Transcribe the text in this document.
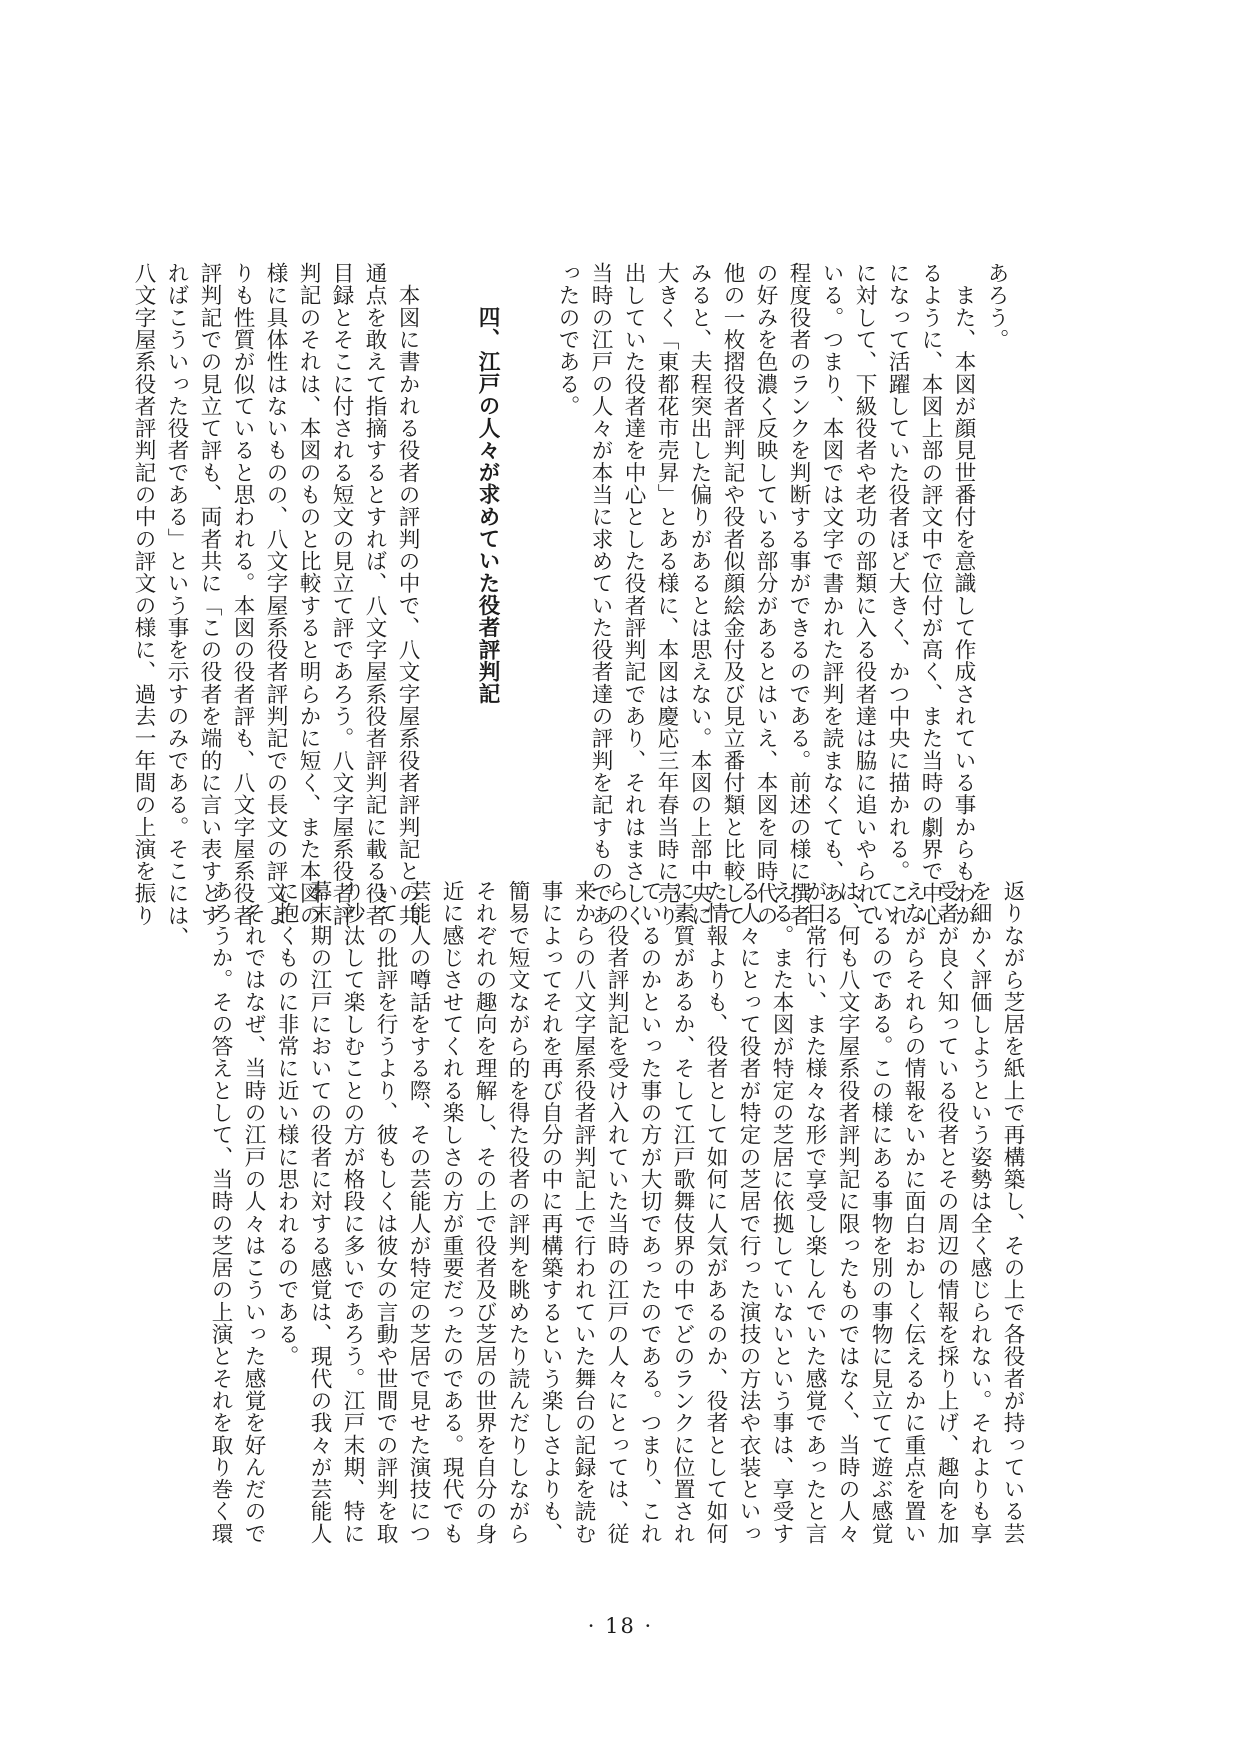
あろう。
　また、本図が顔見世番付を意識して作成されている事からもわか
るように、本図上部の評文中で位付が高く、また当時の劇界で中心
になって活躍していた役者ほど大きく、かつ中央に描かれる。これ
に対して、下級役者や老功の部類に入る役者達は脇に追いやられて
いる。つまり、本図では文字で書かれた評判を読まなくても、ある
程度役者のランクを判断する事ができるのである。前述の様に撰者
の好みを色濃く反映している部分があるとはいえ、本図を同時代の
他の一枚摺役者評判記や役者似顔絵金付及び見立番付類と比較して
みると、夫程突出した偏りがあるとは思えない。本図の上部中央に
大きく「東都花市売昇」とある様に、本図は慶応三年春当時に売り
出していた役者達を中心とした役者評判記であり、それはまさしく
当時の江戸の人々が本当に求めていた役者達の評判を記すものであ
ったのである。
四、江戸の人々が求めていた役者評判記
　本図に書かれる役者の評判の中で、八文字屋系役者評判記との共
通点を敢えて指摘するとすれば、八文字屋系役者評判記に載る役者
目録とそこに付される短文の見立て評であろう。八文字屋系役者評
判記のそれは、本図のものと比較すると明らかに短く、また本図の
様に具体性はないものの、八文字屋系役者評判記での長文の評文よ
りも性質が似ていると思われる。本図の役者評も、八文字屋系役者
評判記での見立て評も、両者共に「この役者を端的に言い表すとす
ればこういった役者である」という事を示すのみである。そこには、
八文字屋系役者評判記の中の評文の様に、過去一年間の上演を振り
返りながら芝居を紙上で再構築し、その上で各役者が持っている芸
を細かく評価しようという姿勢は全く感じられない。それよりも享
受者が良く知っている役者とその周辺の情報を採り上げ、趣向を加
えながらそれらの情報をいかに面白おかしく伝えるかに重点を置い
ているのである。この様にある事物を別の事物に見立てて遊ぶ感覚
は、何も八文字屋系役者評判記に限ったものではなく、当時の人々
が日常行い、また様々な形で享受し楽しんでいた感覚であったと言
える。また本図が特定の芝居に依拠していないという事は、享受す
る人々にとって役者が特定の芝居で行った演技の方法や衣装といっ
た情報よりも、役者として如何に人気があるのか、役者として如何
に素質があるか、そして江戸歌舞伎界の中でどのランクに位置され
ているのかといった事の方が大切であったのである。つまり、これ
らの役者評判記を受け入れていた当時の江戸の人々にとっては、従
来からの八文字屋系役者評判記上で行われていた舞台の記録を読む
事によってそれを再び自分の中に再構築するという楽しさよりも、
簡易で短文ながら的を得た役者の評判を眺めたり読んだりしながら
それぞれの趣向を理解し、その上で役者及び芝居の世界を自分の身
近に感じさせてくれる楽しさの方が重要だったのである。現代でも
芸能人の噂話をする際、その芸能人が特定の芝居で見せた演技につ
いての批評を行うより、彼もしくは彼女の言動や世間での評判を取
り沙汰して楽しむことの方が格段に多いであろう。江戸末期、特に
幕末期の江戸においての役者に対する感覚は、現代の我々が芸能人
に抱くものに非常に近い様に思われるのである。
　それではなぜ、当時の江戸の人々はこういった感覚を好んだので
あろうか。その答えとして、当時の芝居の上演とそれを取り巻く環
· 18 ·
